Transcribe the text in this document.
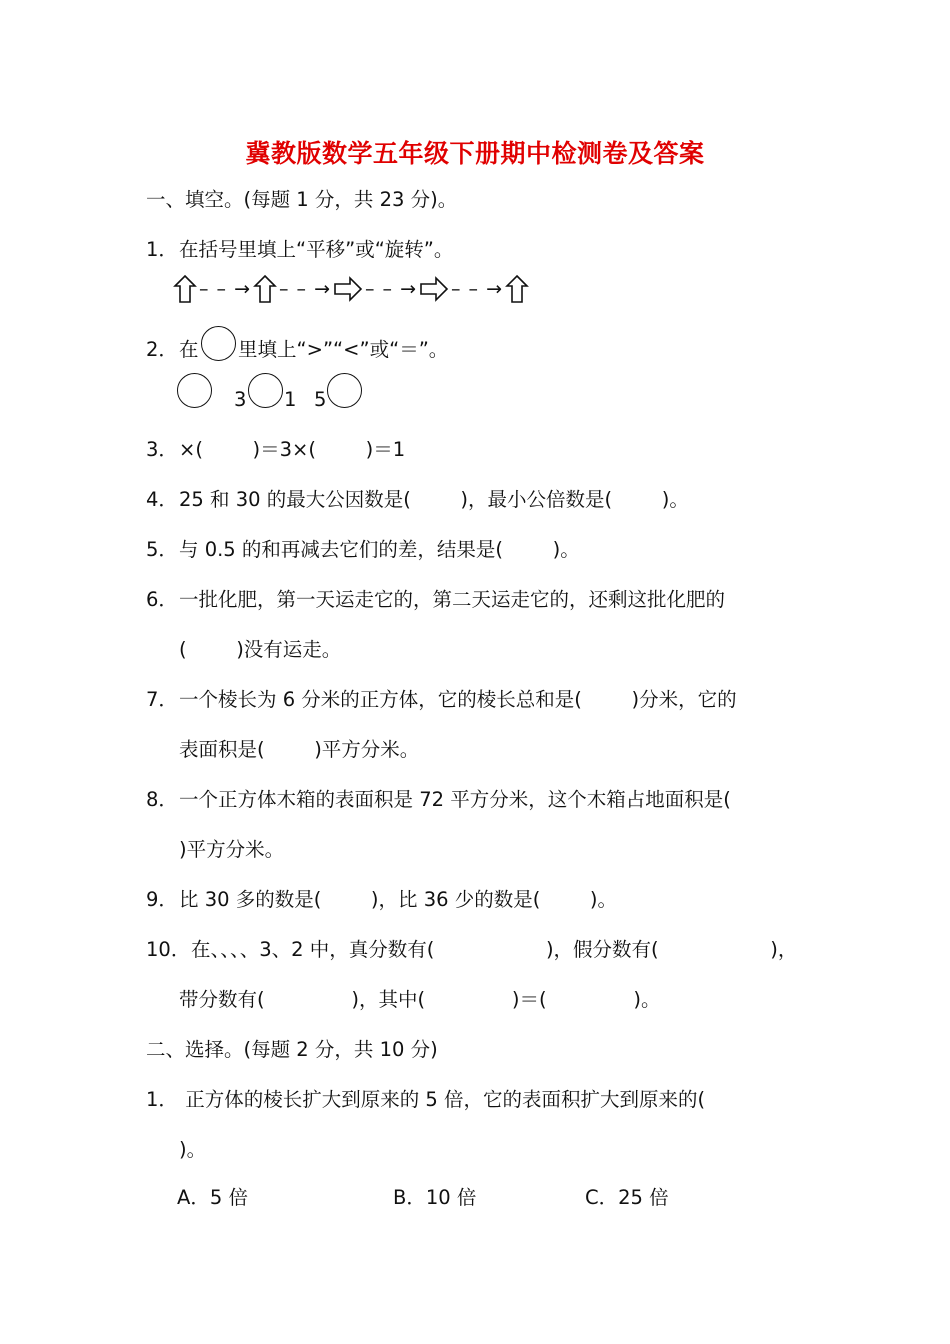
冀教版数学五年级下册期中检测卷及答案
一、填空。(每题 1 分，共 23 分)。
1． 在括号里填上“平移”或“旋转”。
– – → – – → – – → – – →
2． 在 里填上“>”“<”或“＝”。
3 1 5
3． ×(        )＝3×(        )＝1
4． 25 和 30 的最大公因数是(        )，最小公倍数是(        )。
5． 与 0.5 的和再减去它们的差，结果是(        )。
6． 一批化肥，第一天运走它的，第二天运走它的，还剩这批化肥的
(        )没有运走。
7． 一个棱长为 6 分米的正方体，它的棱长总和是(        )分米，它的
表面积是(        )平方分米。
8． 一个正方体木箱的表面积是 72 平方分米，这个木箱占地面积是(
)平方分米。
9． 比 30 多的数是(        )，比 36 少的数是(        )。
10． 在、、、、3、2 中，真分数有(                  )，假分数有(                  )，
带分数有(              )，其中(              )＝(              )。
二、选择。(每题 2 分，共 10 分)
1． 正方体的棱长扩大到原来的 5 倍，它的表面积扩大到原来的(
)。
A．5 倍	B．10 倍	C．25 倍
